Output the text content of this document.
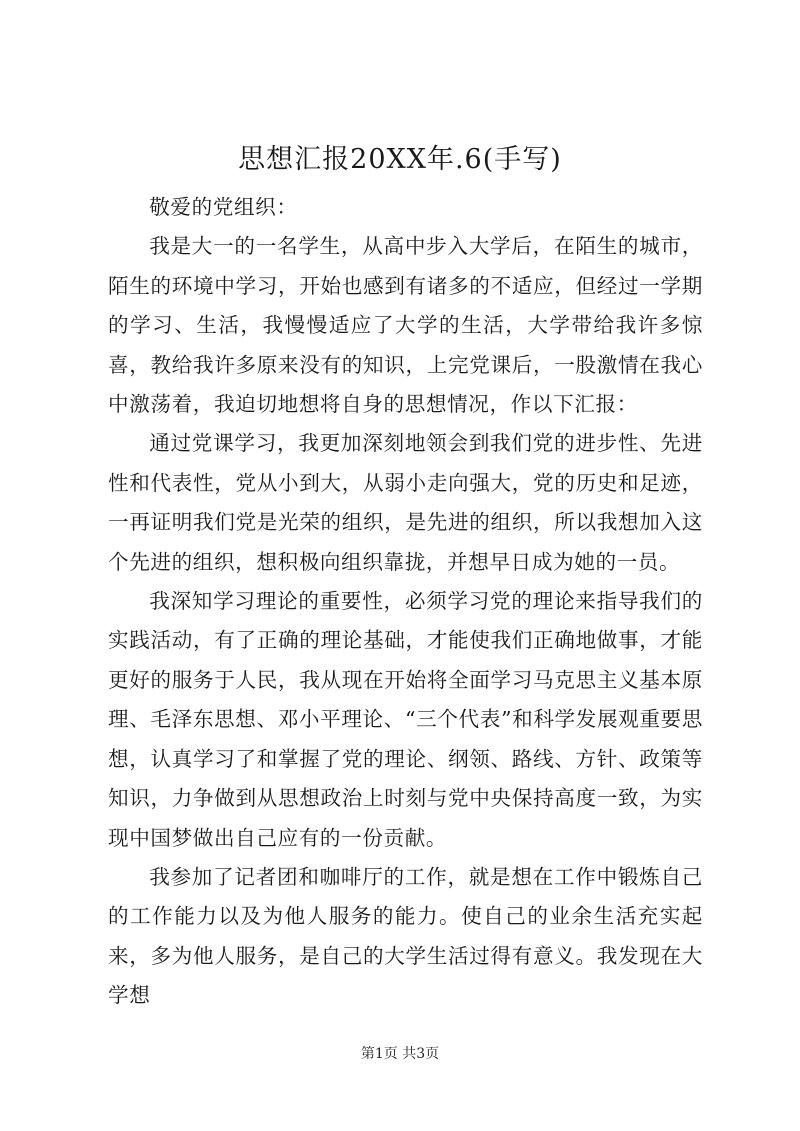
思想汇报20XX年.6(手写)

敬爱的党组织：

我是大一的一名学生，从高中步入大学后，在陌生的城市，陌生的环境中学习，开始也感到有诸多的不适应，但经过一学期的学习、生活，我慢慢适应了大学的生活，大学带给我许多惊喜，教给我许多原来没有的知识，上完党课后，一股激情在我心中激荡着，我迫切地想将自身的思想情况，作以下汇报：

通过党课学习，我更加深刻地领会到我们党的进步性、先进性和代表性，党从小到大，从弱小走向强大，党的历史和足迹，一再证明我们党是光荣的组织，是先进的组织，所以我想加入这个先进的组织，想积极向组织靠拢，并想早日成为她的一员。

我深知学习理论的重要性，必须学习党的理论来指导我们的实践活动，有了正确的理论基础，才能使我们正确地做事，才能更好的服务于人民，我从现在开始将全面学习马克思主义基本原理、毛泽东思想、邓小平理论、“三个代表”和科学发展观重要思想，认真学习了和掌握了党的理论、纲领、路线、方针、政策等知识，力争做到从思想政治上时刻与党中央保持高度一致，为实现中国梦做出自己应有的一份贡献。

我参加了记者团和咖啡厅的工作，就是想在工作中锻炼自己的工作能力以及为他人服务的能力。使自己的业余生活充实起来，多为他人服务，是自己的大学生活过得有意义。我发现在大学想

第1页 共3页
